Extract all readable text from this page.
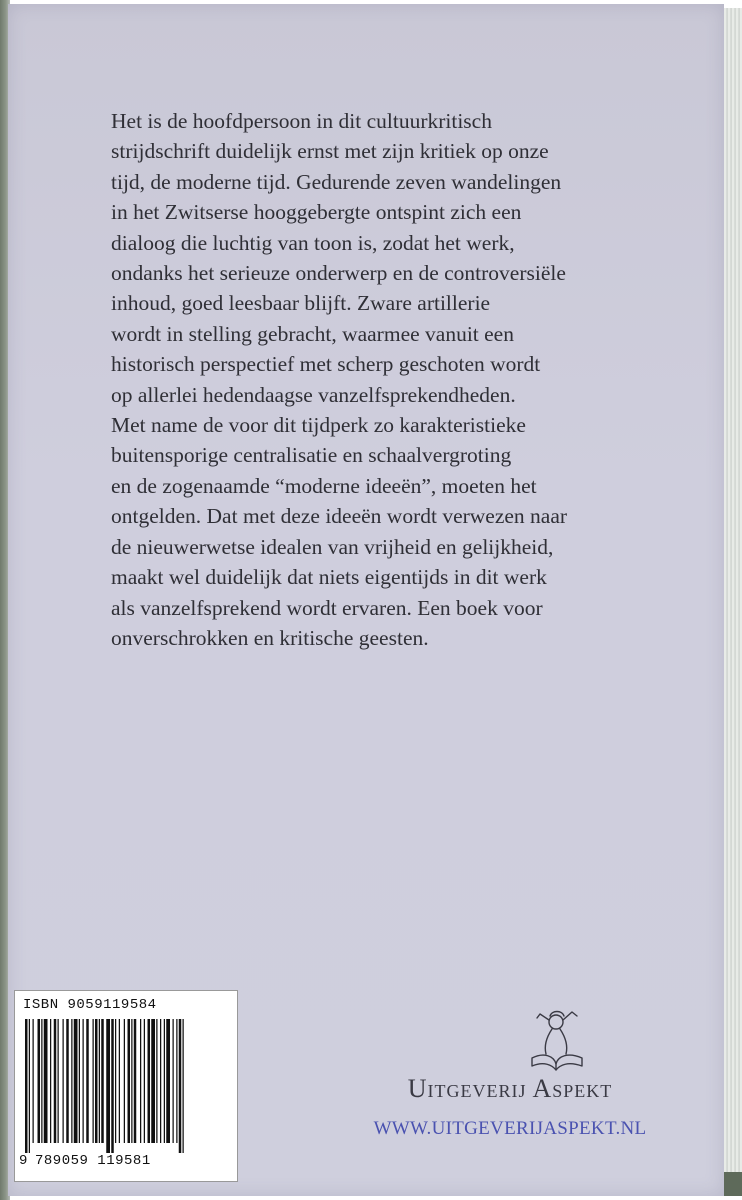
Het is de hoofdpersoon in dit cultuurkritisch
strijdschrift duidelijk ernst met zijn kritiek op onze
tijd, de moderne tijd. Gedurende zeven wandelingen
in het Zwitserse hooggebergte ontspint zich een
dialoog die luchtig van toon is, zodat het werk,
ondanks het serieuze onderwerp en de controversiële
inhoud, goed leesbaar blijft. Zware artillerie
wordt in stelling gebracht, waarmee vanuit een
historisch perspectief met scherp geschoten wordt
op allerlei hedendaagse vanzelfsprekendheden.
Met name de voor dit tijdperk zo karakteristieke
buitensporige centralisatie en schaalvergroting
en de zogenaamde “moderne ideeën”, moeten het
ontgelden. Dat met deze ideeën wordt verwezen naar
de nieuwerwetse idealen van vrijheid en gelijkheid,
maakt wel duidelijk dat niets eigentijds in dit werk
als vanzelfsprekend wordt ervaren. Een boek voor
onverschrokken en kritische geesten.

ISBN 9059119584
9 789059 119581
Uitgeverij Aspekt
WWW.UITGEVERIJASPEKT.NL
